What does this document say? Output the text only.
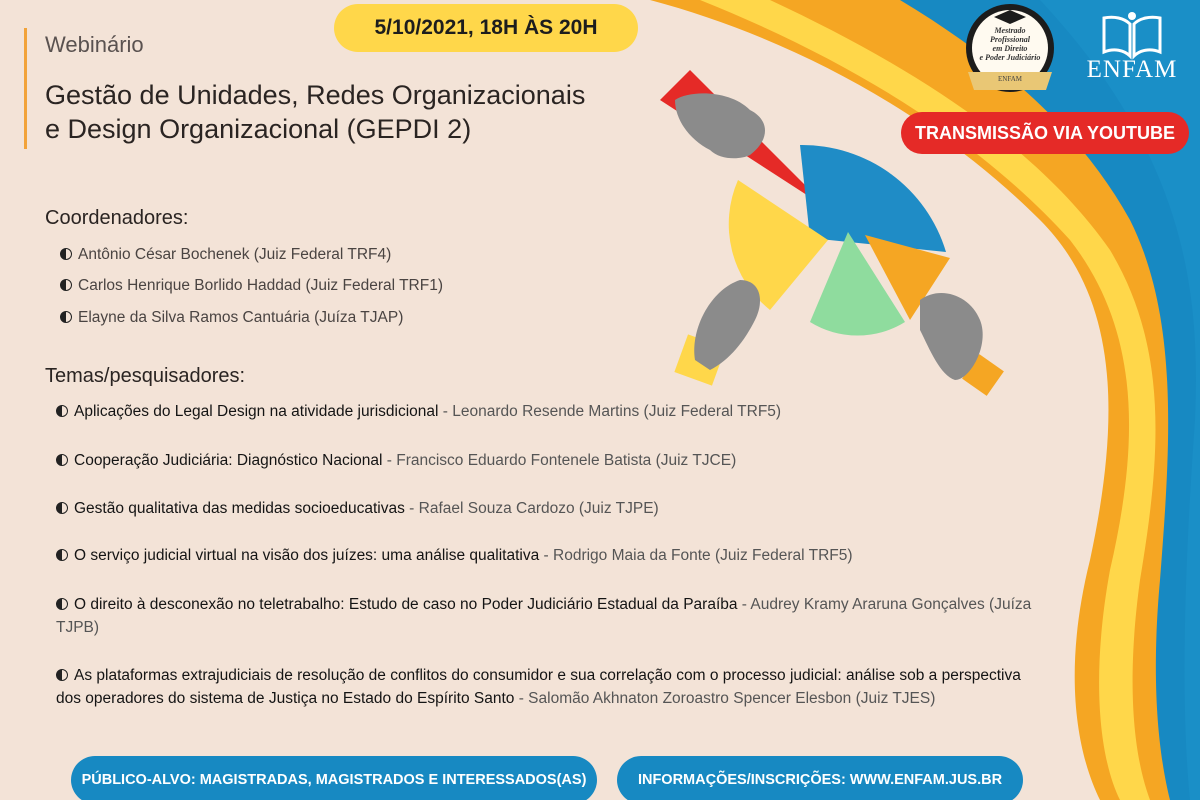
Webinário
Gestão de Unidades, Redes Organizacionais
e Design Organizacional (GEPDI 2)
5/10/2021, 18H ÀS 20H
TRANSMISSÃO VIA YOUTUBE
Mestrado
Profissional
em Direito
e Poder Judiciário
ENFAM	ENFAM
Coordenadores:
Antônio César Bochenek (Juiz Federal TRF4)
Carlos Henrique Borlido Haddad (Juiz Federal TRF1)
Elayne da Silva Ramos Cantuária (Juíza TJAP)
Temas/pesquisadores:
Aplicações do Legal Design na atividade jurisdicional - Leonardo Resende Martins (Juiz Federal TRF5)
Cooperação Judiciária: Diagnóstico Nacional - Francisco Eduardo Fontenele Batista (Juiz TJCE)
Gestão qualitativa das medidas socioeducativas - Rafael Souza Cardozo (Juiz TJPE)
O serviço judicial virtual na visão dos juízes: uma análise qualitativa - Rodrigo Maia da Fonte (Juiz Federal TRF5)
O direito à desconexão no teletrabalho: Estudo de caso no Poder Judiciário Estadual da Paraíba - Audrey Kramy Araruna Gonçalves (Juíza TJPB)
As plataformas extrajudiciais de resolução de conflitos do consumidor e sua correlação com o processo judicial: análise sob a perspectiva dos operadores do sistema de Justiça no Estado do Espírito Santo - Salomão Akhnaton Zoroastro Spencer Elesbon (Juiz TJES)
PÚBLICO-ALVO: MAGISTRADAS, MAGISTRADOS E INTERESSADOS(AS)	INFORMAÇÕES/INSCRIÇÕES: WWW.ENFAM.JUS.BR
